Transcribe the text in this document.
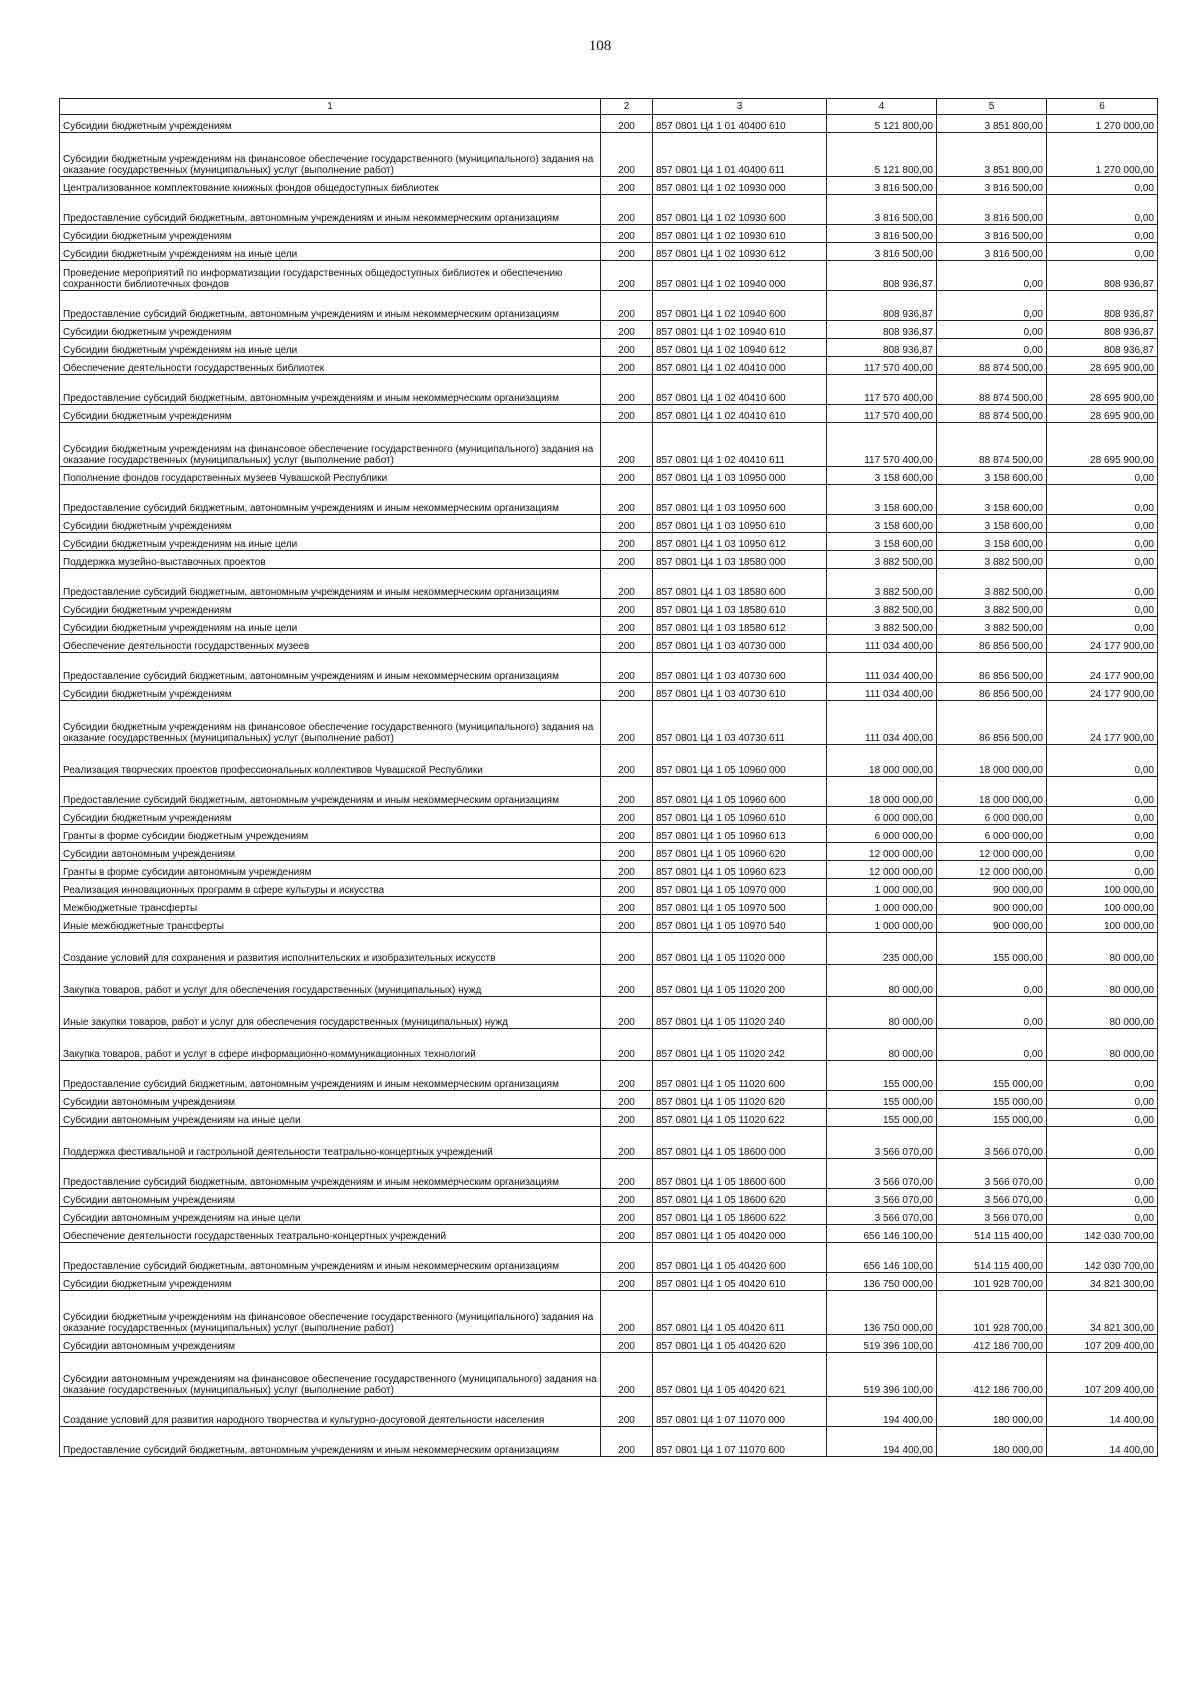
108
1	2	3	4	5	6
Субсидии бюджетным учреждениям	200	857 0801 Ц4 1 01 40400 610	5 121 800,00	3 851 800,00	1 270 000,00
Субсидии бюджетным учреждениям на финансовое обеспечение государственного (муниципального) задания на оказание государственных (муниципальных) услуг (выполнение работ)	200	857 0801 Ц4 1 01 40400 611	5 121 800,00	3 851 800,00	1 270 000,00
Централизованное комплектование книжных фондов общедоступных библиотек	200	857 0801 Ц4 1 02 10930 000	3 816 500,00	3 816 500,00	0,00
Предоставление субсидий бюджетным, автономным учреждениям и иным некоммерческим организациям	200	857 0801 Ц4 1 02 10930 600	3 816 500,00	3 816 500,00	0,00
Субсидии бюджетным учреждениям	200	857 0801 Ц4 1 02 10930 610	3 816 500,00	3 816 500,00	0,00
Субсидии бюджетным учреждениям на иные цели	200	857 0801 Ц4 1 02 10930 612	3 816 500,00	3 816 500,00	0,00
Проведение мероприятий по информатизации государственных общедоступных библиотек и обеспечению сохранности библиотечных фондов	200	857 0801 Ц4 1 02 10940 000	808 936,87	0,00	808 936,87
Предоставление субсидий бюджетным, автономным учреждениям и иным некоммерческим организациям	200	857 0801 Ц4 1 02 10940 600	808 936,87	0,00	808 936,87
Субсидии бюджетным учреждениям	200	857 0801 Ц4 1 02 10940 610	808 936,87	0,00	808 936,87
Субсидии бюджетным учреждениям на иные цели	200	857 0801 Ц4 1 02 10940 612	808 936,87	0,00	808 936,87
Обеспечение деятельности государственных библиотек	200	857 0801 Ц4 1 02 40410 000	117 570 400,00	88 874 500,00	28 695 900,00
Предоставление субсидий бюджетным, автономным учреждениям и иным некоммерческим организациям	200	857 0801 Ц4 1 02 40410 600	117 570 400,00	88 874 500,00	28 695 900,00
Субсидии бюджетным учреждениям	200	857 0801 Ц4 1 02 40410 610	117 570 400,00	88 874 500,00	28 695 900,00
Субсидии бюджетным учреждениям на финансовое обеспечение государственного (муниципального) задания на оказание государственных (муниципальных) услуг (выполнение работ)	200	857 0801 Ц4 1 02 40410 611	117 570 400,00	88 874 500,00	28 695 900,00
Пополнение фондов государственных музеев Чувашской Республики	200	857 0801 Ц4 1 03 10950 000	3 158 600,00	3 158 600,00	0,00
Предоставление субсидий бюджетным, автономным учреждениям и иным некоммерческим организациям	200	857 0801 Ц4 1 03 10950 600	3 158 600,00	3 158 600,00	0,00
Субсидии бюджетным учреждениям	200	857 0801 Ц4 1 03 10950 610	3 158 600,00	3 158 600,00	0,00
Субсидии бюджетным учреждениям на иные цели	200	857 0801 Ц4 1 03 10950 612	3 158 600,00	3 158 600,00	0,00
Поддержка музейно-выставочных проектов	200	857 0801 Ц4 1 03 18580 000	3 882 500,00	3 882 500,00	0,00
Предоставление субсидий бюджетным, автономным учреждениям и иным некоммерческим организациям	200	857 0801 Ц4 1 03 18580 600	3 882 500,00	3 882 500,00	0,00
Субсидии бюджетным учреждениям	200	857 0801 Ц4 1 03 18580 610	3 882 500,00	3 882 500,00	0,00
Субсидии бюджетным учреждениям на иные цели	200	857 0801 Ц4 1 03 18580 612	3 882 500,00	3 882 500,00	0,00
Обеспечение деятельности государственных музеев	200	857 0801 Ц4 1 03 40730 000	111 034 400,00	86 856 500,00	24 177 900,00
Предоставление субсидий бюджетным, автономным учреждениям и иным некоммерческим организациям	200	857 0801 Ц4 1 03 40730 600	111 034 400,00	86 856 500,00	24 177 900,00
Субсидии бюджетным учреждениям	200	857 0801 Ц4 1 03 40730 610	111 034 400,00	86 856 500,00	24 177 900,00
Субсидии бюджетным учреждениям на финансовое обеспечение государственного (муниципального) задания на оказание государственных (муниципальных) услуг (выполнение работ)	200	857 0801 Ц4 1 03 40730 611	111 034 400,00	86 856 500,00	24 177 900,00
Реализация творческих проектов профессиональных коллективов Чувашской Республики	200	857 0801 Ц4 1 05 10960 000	18 000 000,00	18 000 000,00	0,00
Предоставление субсидий бюджетным, автономным учреждениям и иным некоммерческим организациям	200	857 0801 Ц4 1 05 10960 600	18 000 000,00	18 000 000,00	0,00
Субсидии бюджетным учреждениям	200	857 0801 Ц4 1 05 10960 610	6 000 000,00	6 000 000,00	0,00
Гранты в форме субсидии бюджетным учреждениям	200	857 0801 Ц4 1 05 10960 613	6 000 000,00	6 000 000,00	0,00
Субсидии автономным учреждениям	200	857 0801 Ц4 1 05 10960 620	12 000 000,00	12 000 000,00	0,00
Гранты в форме субсидии автономным учреждениям	200	857 0801 Ц4 1 05 10960 623	12 000 000,00	12 000 000,00	0,00
Реализация инновационных программ в сфере культуры и искусства	200	857 0801 Ц4 1 05 10970 000	1 000 000,00	900 000,00	100 000,00
Межбюджетные трансферты	200	857 0801 Ц4 1 05 10970 500	1 000 000,00	900 000,00	100 000,00
Иные межбюджетные трансферты	200	857 0801 Ц4 1 05 10970 540	1 000 000,00	900 000,00	100 000,00
Создание условий для сохранения и развития исполнительских и изобразительных искусств	200	857 0801 Ц4 1 05 11020 000	235 000,00	155 000,00	80 000,00
Закупка товаров, работ и услуг для обеспечения государственных (муниципальных) нужд	200	857 0801 Ц4 1 05 11020 200	80 000,00	0,00	80 000,00
Иные закупки товаров, работ и услуг для обеспечения государственных (муниципальных) нужд	200	857 0801 Ц4 1 05 11020 240	80 000,00	0,00	80 000,00
Закупка товаров, работ и услуг в сфере информационно-коммуникационных технологий	200	857 0801 Ц4 1 05 11020 242	80 000,00	0,00	80 000,00
Предоставление субсидий бюджетным, автономным учреждениям и иным некоммерческим организациям	200	857 0801 Ц4 1 05 11020 600	155 000,00	155 000,00	0,00
Субсидии автономным учреждениям	200	857 0801 Ц4 1 05 11020 620	155 000,00	155 000,00	0,00
Субсидии автономным учреждениям на иные цели	200	857 0801 Ц4 1 05 11020 622	155 000,00	155 000,00	0,00
Поддержка фестивальной и гастрольной деятельности театрально-концертных учреждений	200	857 0801 Ц4 1 05 18600 000	3 566 070,00	3 566 070,00	0,00
Предоставление субсидий бюджетным, автономным учреждениям и иным некоммерческим организациям	200	857 0801 Ц4 1 05 18600 600	3 566 070,00	3 566 070,00	0,00
Субсидии автономным учреждениям	200	857 0801 Ц4 1 05 18600 620	3 566 070,00	3 566 070,00	0,00
Субсидии автономным учреждениям на иные цели	200	857 0801 Ц4 1 05 18600 622	3 566 070,00	3 566 070,00	0,00
Обеспечение деятельности государственных театрально-концертных учреждений	200	857 0801 Ц4 1 05 40420 000	656 146 100,00	514 115 400,00	142 030 700,00
Предоставление субсидий бюджетным, автономным учреждениям и иным некоммерческим организациям	200	857 0801 Ц4 1 05 40420 600	656 146 100,00	514 115 400,00	142 030 700,00
Субсидии бюджетным учреждениям	200	857 0801 Ц4 1 05 40420 610	136 750 000,00	101 928 700,00	34 821 300,00
Субсидии бюджетным учреждениям на финансовое обеспечение государственного (муниципального) задания на оказание государственных (муниципальных) услуг (выполнение работ)	200	857 0801 Ц4 1 05 40420 611	136 750 000,00	101 928 700,00	34 821 300,00
Субсидии автономным учреждениям	200	857 0801 Ц4 1 05 40420 620	519 396 100,00	412 186 700,00	107 209 400,00
Субсидии автономным учреждениям на финансовое обеспечение государственного (муниципального) задания на оказание государственных (муниципальных) услуг (выполнение работ)	200	857 0801 Ц4 1 05 40420 621	519 396 100,00	412 186 700,00	107 209 400,00
Создание условий для развития народного творчества и культурно-досуговой деятельности населения	200	857 0801 Ц4 1 07 11070 000	194 400,00	180 000,00	14 400,00
Предоставление субсидий бюджетным, автономным учреждениям и иным некоммерческим организациям	200	857 0801 Ц4 1 07 11070 600	194 400,00	180 000,00	14 400,00
